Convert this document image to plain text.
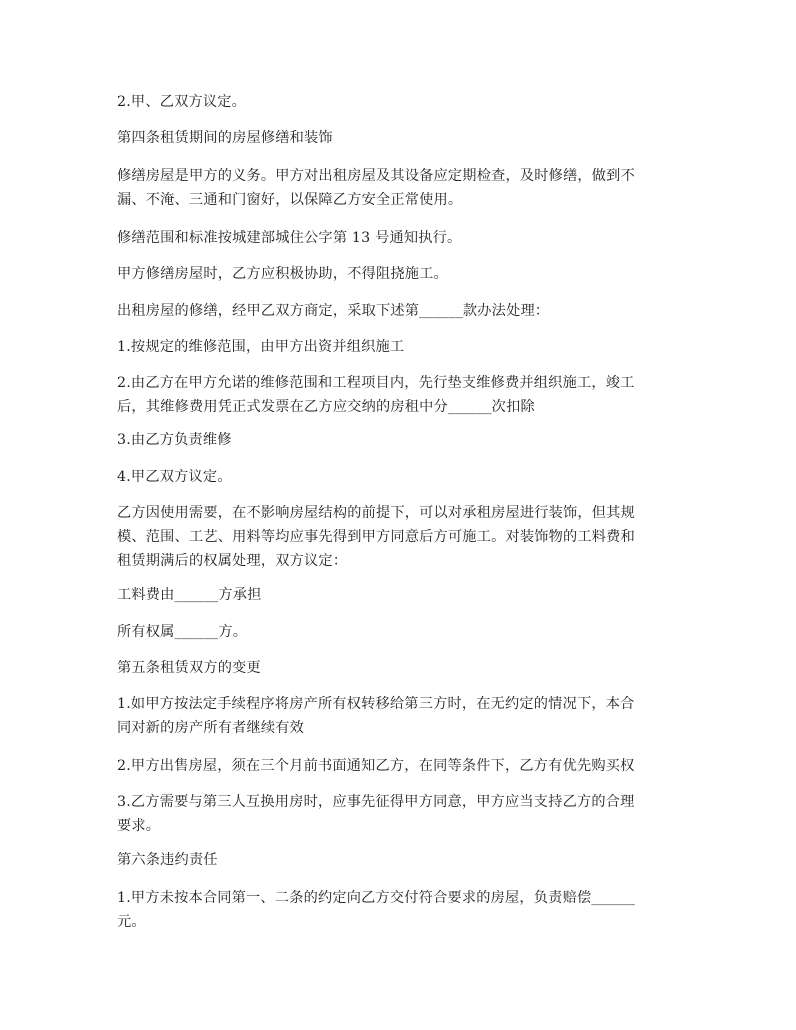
2.甲、乙双方议定。

第四条租赁期间的房屋修缮和装饰

修缮房屋是甲方的义务。甲方对出租房屋及其设备应定期检查，及时修缮，做到不
漏、不淹、三通和门窗好，以保障乙方安全正常使用。

修缮范围和标准按城建部城住公字第 13 号通知执行。

甲方修缮房屋时，乙方应积极协助，不得阻挠施工。

出租房屋的修缮，经甲乙双方商定，采取下述第______款办法处理：

1.按规定的维修范围，由甲方出资并组织施工

2.由乙方在甲方允诺的维修范围和工程项目内，先行垫支维修费并组织施工，竣工
后，其维修费用凭正式发票在乙方应交纳的房租中分______次扣除

3.由乙方负责维修

4.甲乙双方议定。

乙方因使用需要，在不影响房屋结构的前提下，可以对承租房屋进行装饰，但其规
模、范围、工艺、用料等均应事先得到甲方同意后方可施工。对装饰物的工料费和
租赁期满后的权属处理，双方议定：

工料费由______方承担

所有权属______方。

第五条租赁双方的变更

1.如甲方按法定手续程序将房产所有权转移给第三方时，在无约定的情况下，本合
同对新的房产所有者继续有效

2.甲方出售房屋，须在三个月前书面通知乙方，在同等条件下，乙方有优先购买权

3.乙方需要与第三人互换用房时，应事先征得甲方同意，甲方应当支持乙方的合理
要求。

第六条违约责任

1.甲方未按本合同第一、二条的约定向乙方交付符合要求的房屋，负责赔偿______
元。
